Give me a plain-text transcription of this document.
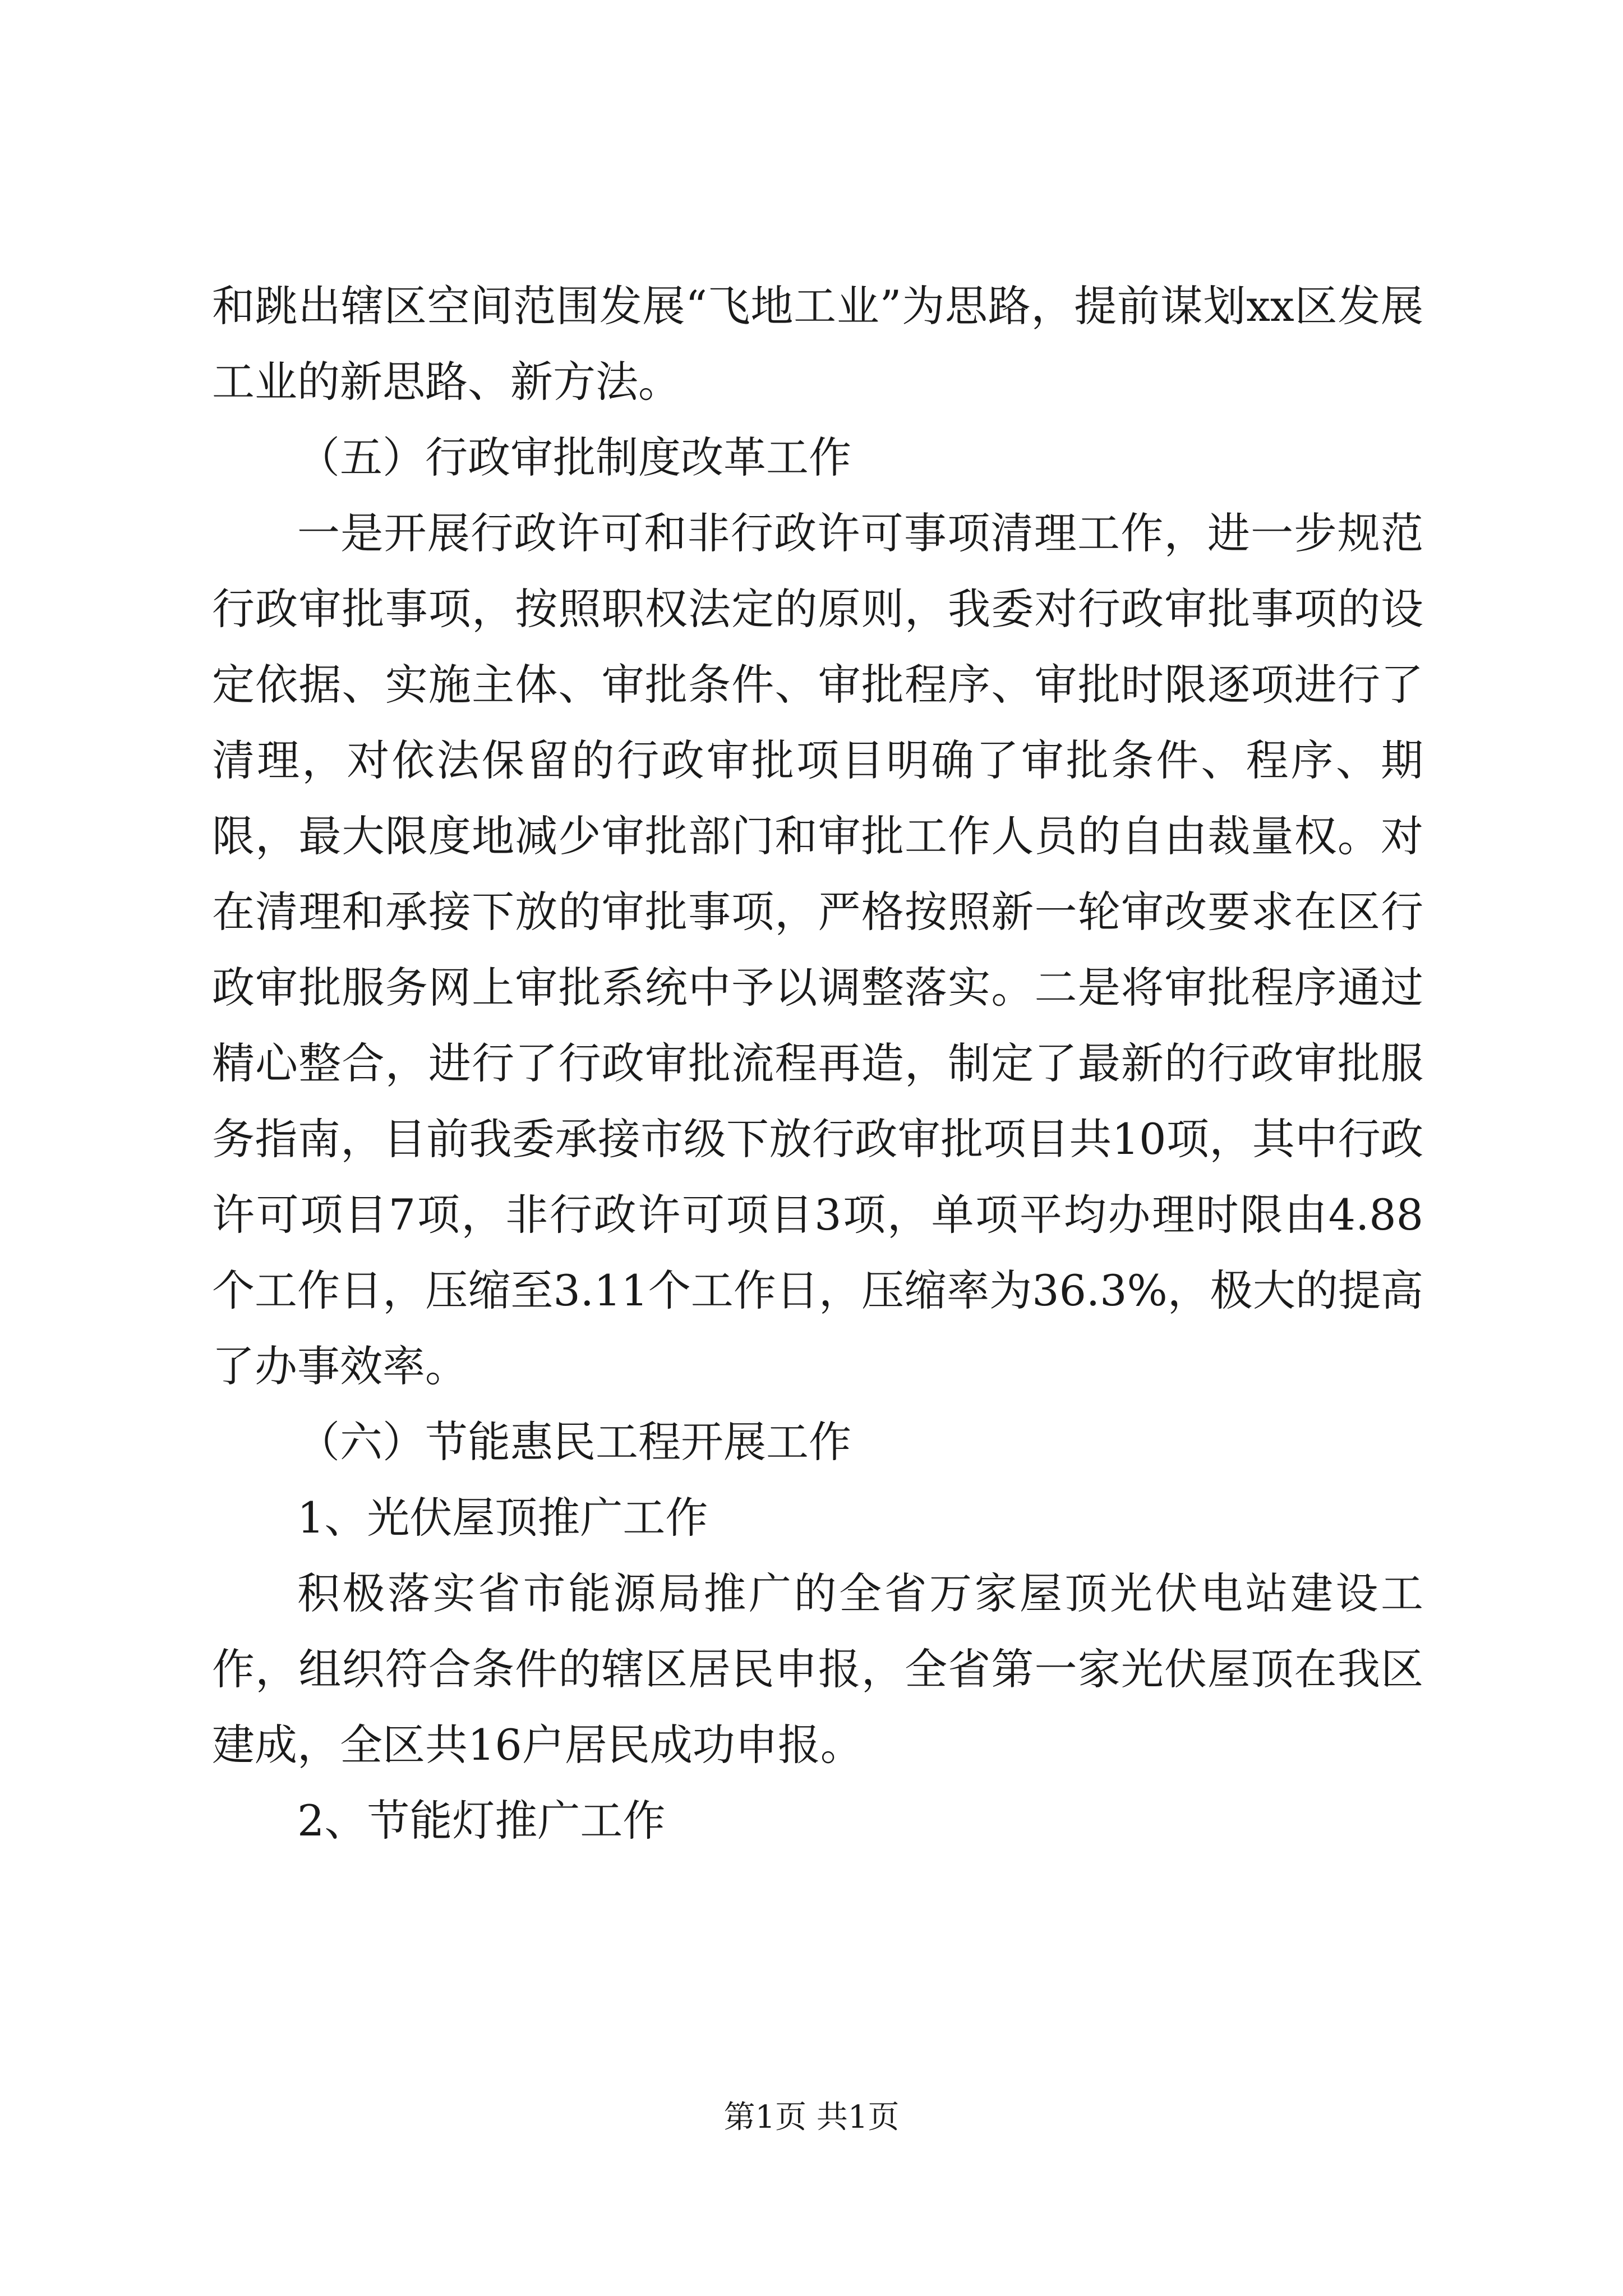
和跳出辖区空间范围发展“飞地工业”为思路，提前谋划xx区发展工业的新思路、新方法。

（五）行政审批制度改革工作

一是开展行政许可和非行政许可事项清理工作，进一步规范行政审批事项，按照职权法定的原则，我委对行政审批事项的设定依据、实施主体、审批条件、审批程序、审批时限逐项进行了清理，对依法保留的行政审批项目明确了审批条件、程序、期限，最大限度地减少审批部门和审批工作人员的自由裁量权。对在清理和承接下放的审批事项，严格按照新一轮审改要求在区行政审批服务网上审批系统中予以调整落实。二是将审批程序通过精心整合，进行了行政审批流程再造，制定了最新的行政审批服务指南，目前我委承接市级下放行政审批项目共10项，其中行政许可项目7项，非行政许可项目3项，单项平均办理时限由4.88个工作日，压缩至3.11个工作日，压缩率为36.3%，极大的提高了办事效率。

（六）节能惠民工程开展工作

1、光伏屋顶推广工作

积极落实省市能源局推广的全省万家屋顶光伏电站建设工作，组织符合条件的辖区居民申报，全省第一家光伏屋顶在我区建成，全区共16户居民成功申报。

2、节能灯推广工作

第1页 共1页
